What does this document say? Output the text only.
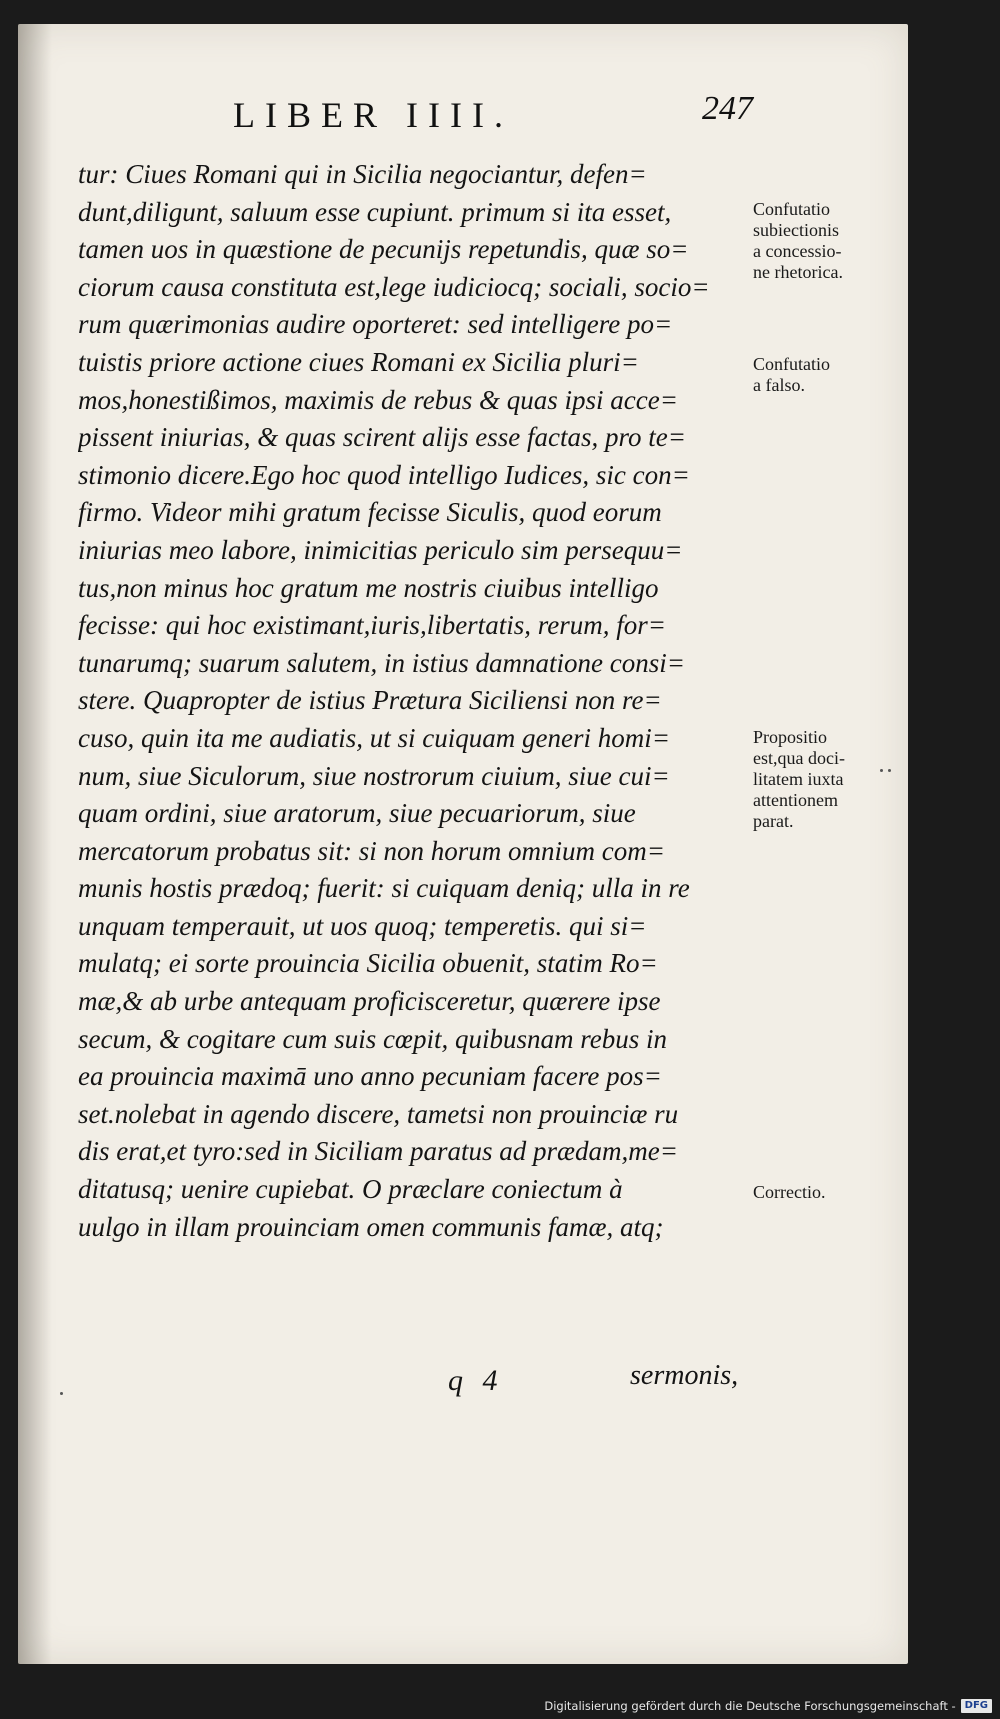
LIBER IIII.	247
tur: Ciues Romani qui in Sicilia negociantur, defen=
dunt,diligunt, saluum esse cupiunt. primum si ita esset,
tamen uos in quæstione de pecunijs repetundis, quæ so=
ciorum causa constituta est,lege iudiciocq; sociali, socio=
rum quærimonias audire oporteret: sed intelligere po=
tuistis priore actione ciues Romani ex Sicilia pluri=
mos,honestißimos, maximis de rebus & quas ipsi acce=
pissent iniurias, & quas scirent alijs esse factas, pro te=
stimonio dicere.Ego hoc quod intelligo Iudices, sic con=
firmo. Videor mihi gratum fecisse Siculis, quod eorum
iniurias meo labore, inimicitias periculo sim persequu=
tus,non minus hoc gratum me nostris ciuibus intelligo
fecisse: qui hoc existimant,iuris,libertatis, rerum, for=
tunarumq; suarum salutem, in istius damnatione consi=
stere. Quapropter de istius Prætura Siciliensi non re=
cuso, quin ita me audiatis, ut si cuiquam generi homi=
num, siue Siculorum, siue nostrorum ciuium, siue cui=
quam ordini, siue aratorum, siue pecuariorum, siue
mercatorum probatus sit: si non horum omnium com=
munis hostis prædoq; fuerit: si cuiquam deniq; ulla in re
unquam temperauit, ut uos quoq; temperetis. qui si=
mulatq; ei sorte prouincia Sicilia obuenit, statim Ro=
mæ,& ab urbe antequam proficisceretur, quærere ipse
secum, & cogitare cum suis cœpit, quibusnam rebus in
ea prouincia maximā uno anno pecuniam facere pos=
set.nolebat in agendo discere, tametsi non prouinciæ ru
dis erat,et tyro:sed in Siciliam paratus ad prædam,me=
ditatusq; uenire cupiebat. O præclare coniectum à
uulgo in illam prouinciam omen communis famæ, atq;
Confutatio
subiectionis
a concessio-
ne rhetorica.
Confutatio
a falso.
Propositio
est,qua doci-
litatem iuxta
attentionem
parat.
Correctio.
q 4	sermonis,
Digitalisierung gefördert durch die Deutsche Forschungsgemeinschaft - DFG
